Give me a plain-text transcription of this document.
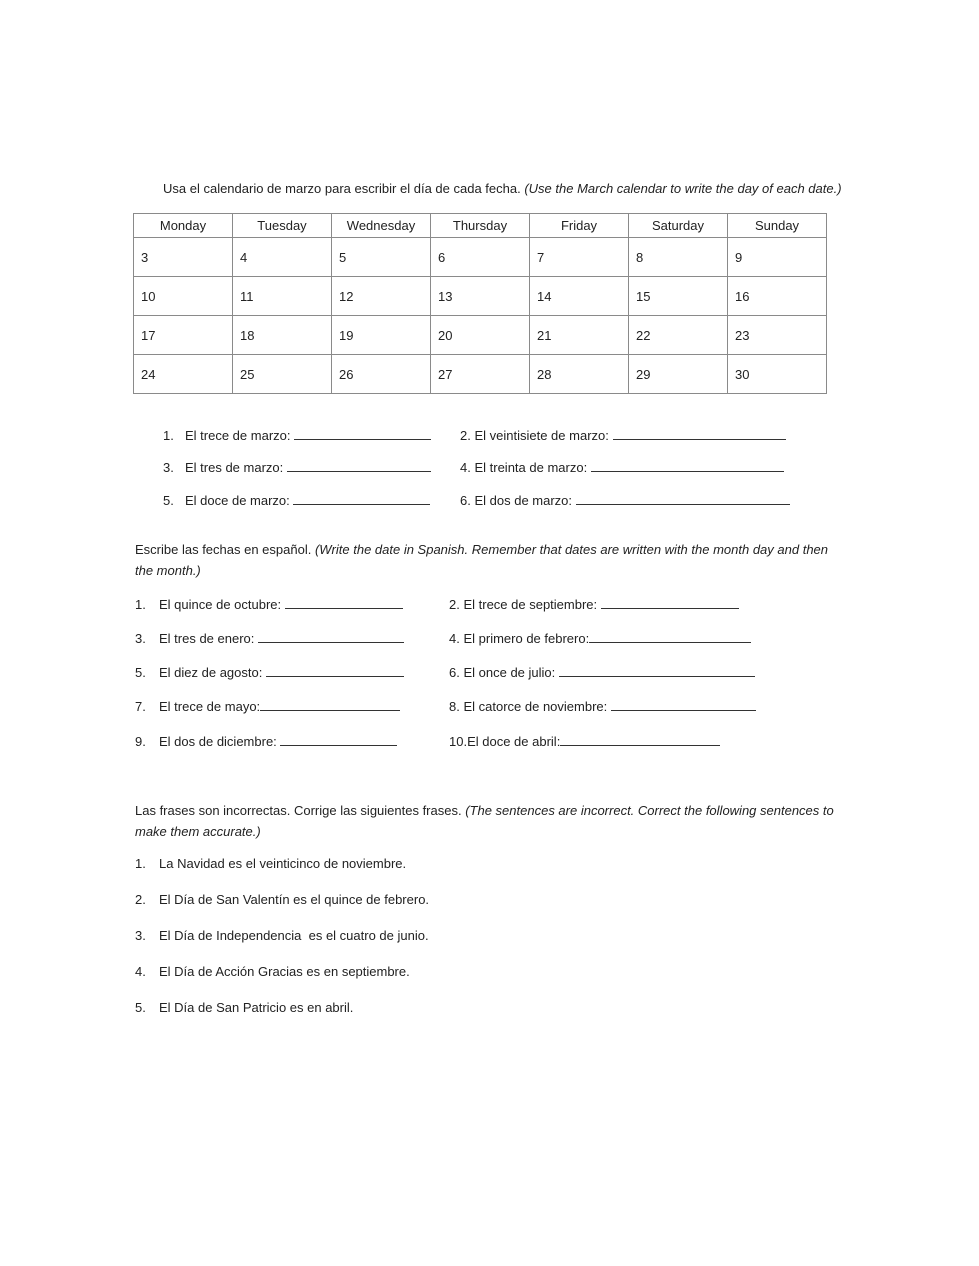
Usa el calendario de marzo para escribir el día de cada fecha. (Use the March calendar to write the day of each date.)
Monday	Tuesday	Wednesday	Thursday	Friday	Saturday	Sunday
3	4	5	6	7	8	9
10	11	12	13	14	15	16
17	18	19	20	21	22	23
24	25	26	27	28	29	30
1. El trece de marzo:	2. El veintisiete de marzo:
3. El tres de marzo:	4. El treinta de marzo:
5. El doce de marzo:	6. El dos de marzo:
Escribe las fechas en español. (Write the date in Spanish. Remember that dates are written with the month day and then the month.)
1. El quince de octubre:	2. El trece de septiembre:
3. El tres de enero:	4. El primero de febrero:
5. El diez de agosto:	6. El once de julio:
7. El trece de mayo:	8. El catorce de noviembre:
9. El dos de diciembre:	10.El doce de abril:
Las frases son incorrectas. Corrige las siguientes frases. (The sentences are incorrect. Correct the following sentences to make them accurate.)
1. La Navidad es el veinticinco de noviembre.
2. El Día de San Valentín es el quince de febrero.
3. El Día de Independencia  es el cuatro de junio.
4. El Día de Acción Gracias es en septiembre.
5. El Día de San Patricio es en abril.
